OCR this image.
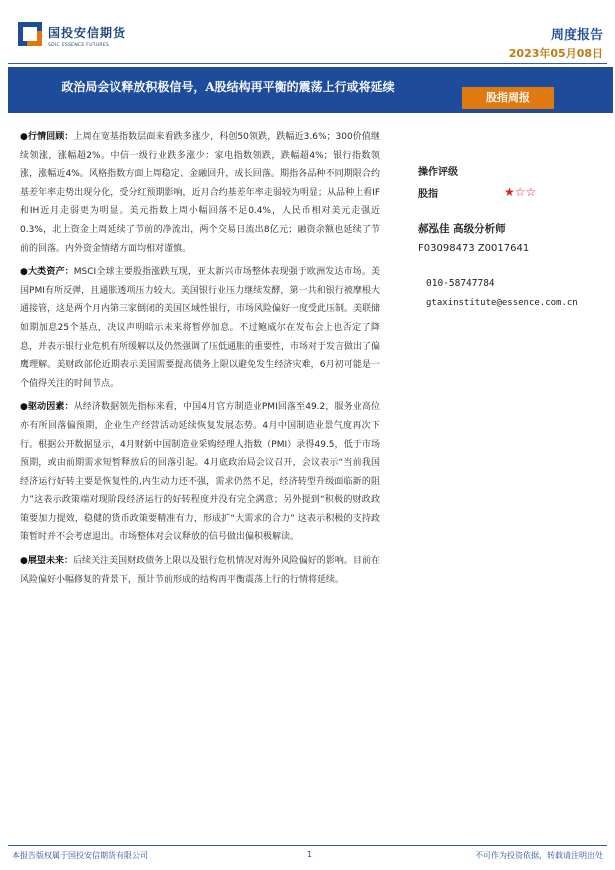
国投安信期货
SDIC ESSENCE FUTURES
周度报告
2023年05月08日
政治局会议释放积极信号，A股结构再平衡的震荡上行或将延续
股指周报

●行情回顾：上周在宽基指数层面来看跌多涨少，科创50领跌，跌幅近3.6%；300价值继续领涨，涨幅超2%。中信一级行业跌多涨少：家电指数领跌，跌幅超4%；银行指数领涨，涨幅近4%。风格指数方面上周稳定、金融回升，成长回落。期指各品种不同期限合约基差年率走势出现分化，受分红预期影响，近月合约基差年率走弱较为明显；从品种上看IF和IH近月走弱更为明显。美元指数上周小幅回落不足0.4%，人民币相对美元走强近0.3%，北上资金上周延续了节前的净流出，两个交易日流出8亿元；融资余额也延续了节前的回落。内外资金情绪方面均相对谨慎。

●大类资产：MSCI全球主要股指涨跌互现，亚太新兴市场整体表现强于欧洲发达市场。美国PMI有所反弹，且通胀透项压力较大。美国银行业压力继续发酵，第一共和银行被摩根大通接管，这是两个月内第三家倒闭的美国区域性银行，市场风险偏好一度受此压制。美联储如期加息25个基点，决议声明暗示未来将暂停加息。不过鲍威尔在发布会上也否定了降息，并表示银行业危机有所缓解以及仍然强调了压低通胀的重要性，市场对于发言做出了偏鹰理解。美财政部伦近期表示美国需要提高债务上限以避免发生经济灾难，6月初可能是一个值得关注的时间节点。

●驱动因素：从经济数据领先指标来看，中国4月官方制造业PMI回落至49.2，服务业高位亦有所回落偏预期，企业生产经营活动延续恢复发展态势。4月中国制造业景气度再次下行。根据公开数据显示，4月财新中国制造业采购经理人指数（PMI）录得49.5，低于市场预期，或由前期需求短暂释放后的回落引起。4月底政治局会议召开，会议表示“当前我国经济运行好转主要是恢复性的,内生动力还不强，需求仍然不足，经济转型升级面临新的阻力”这表示政策端对现阶段经济运行的好转程度并没有完全满意；另外提到“积极的财政政策要加力提效，稳健的货币政策要精准有力，形成扩“大需求的合力” 这表示积极的支持政策暂时并不会考虑退出。市场整体对会议释放的信号做出偏积极解读。

●展望未来：后续关注美国财政债务上限以及银行危机情况对海外风险偏好的影响。目前在风险偏好小幅修复的背景下，预计节前形成的结构再平衡震荡上行的行情将延续。

操作评级
股指	★☆☆
郝泓佳 高级分析师
F03098473 Z0017641
010-58747784
gtaxinstitute@essence.com.cn
本报告版权属于国投安信期货有限公司	1	不可作为投资依据，转载请注明出处
